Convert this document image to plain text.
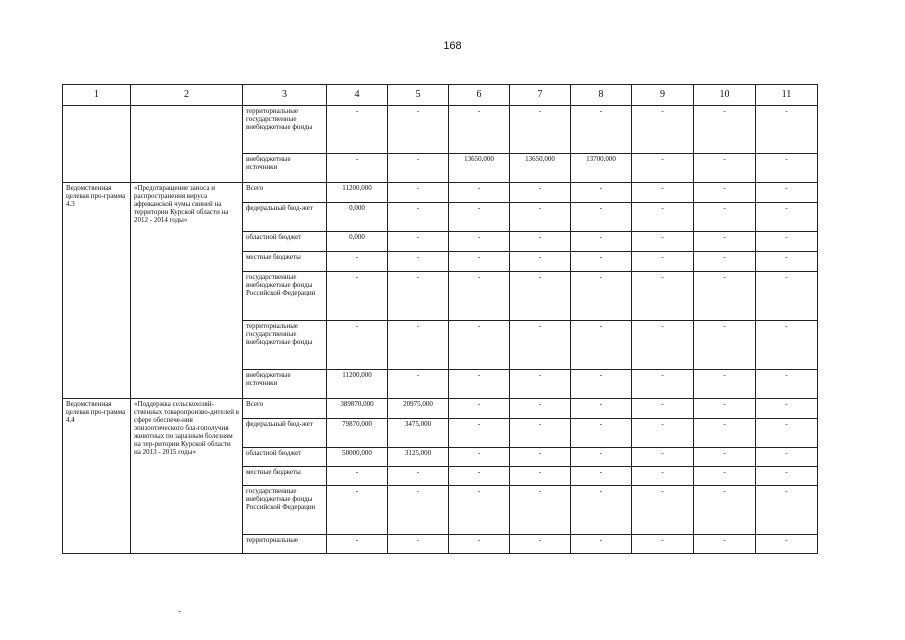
168
1	2	3	4	5	6	7	8	9	10	11
		территориальные государственные внебюджетные фонды	-	-	-	-	-	-	-	-
		внебюджетные источники	-	-	13650,000	13650,000	13700,000	-	-	-
Ведомственная целевая про-грамма 4.3	«Предотвращение заноса и распространения вируса африканской чумы свиней на территории Курской области на 2012 - 2014 годы»	Всего	11200,000	-	-	-	-	-	-	-
		федеральный бюд-жет	0,000	-	-	-	-	-	-	-
		областной бюджет	0,000	-	-	-	-	-	-	-
		местные бюджеты	-	-	-	-	-	-	-	-
		государственные внебюджетные фонды Российской Федерации	-	-	-	-	-	-	-	-
		территориальные государственные внебюджетные фонды	-	-	-	-	-	-	-	-
		внебюджетные источники	11200,000	-	-	-	-	-	-	-
Ведомственная целевая про-грамма 4.4	«Поддержка сельскохозяй-ственных товаропроизво-дителей в сфере обеспече-ния эпизоотического бла-гополучия животных по заразным болезням на тер-ритории Курской области на 2013 - 2015 годы»	Всего	389870,000	20975,000	-	-	-	-	-	-
		федеральный бюд-жет	79870,000	3475,000	-	-	-	-	-	-
		областной бюджет	50000,000	3125,000	-	-	-	-	-	-
		местные бюджеты	-	-	-	-	-	-	-	-
		государственные внебюджетные фонды Российской Федерации	-	-	-	-	-	-	-	-
		территориальные	-	-	-	-	-	-	-	-
-
